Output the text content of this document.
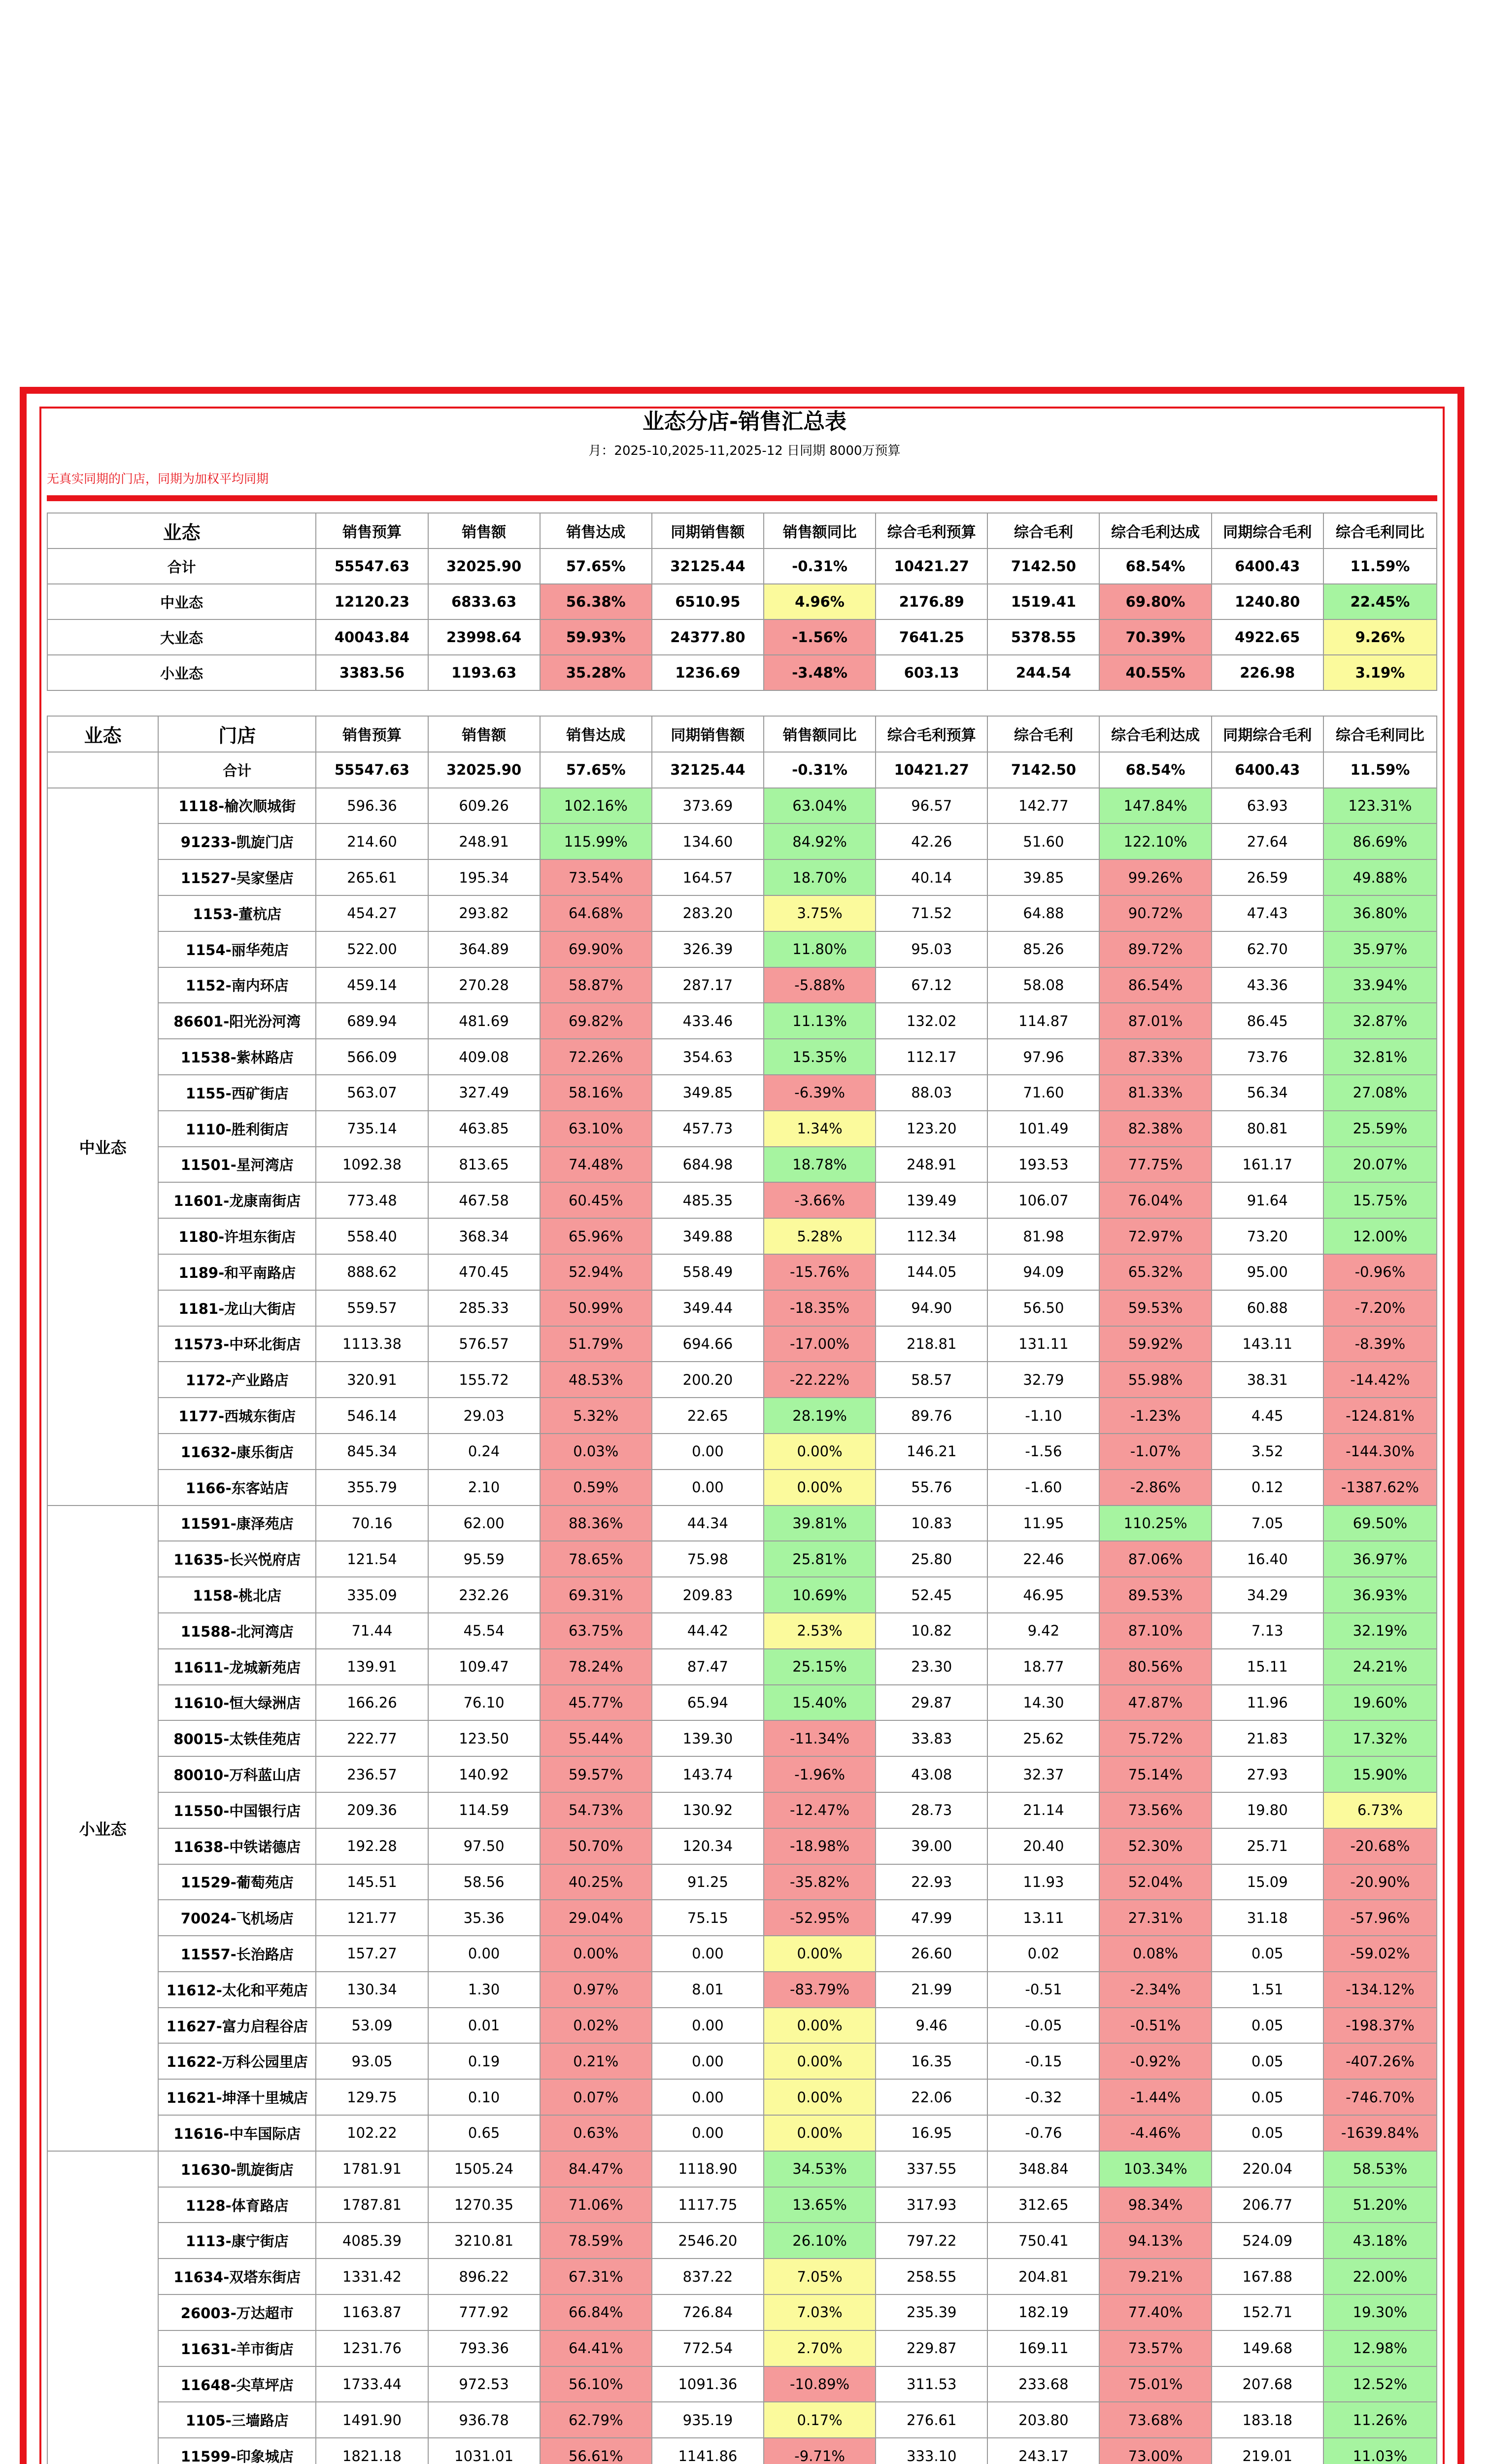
业态分店-销售汇总表
月：2025-10,2025-11,2025-12 日同期 8000万预算
无真实同期的门店，同期为加权平均同期
业态	销售预算	销售额	销售达成	同期销售额	销售额同比	综合毛利预算	综合毛利	综合毛利达成	同期综合毛利	综合毛利同比
合计	55547.63	32025.90	57.65%	32125.44	-0.31%	10421.27	7142.50	68.54%	6400.43	11.59%
中业态	12120.23	6833.63	56.38%	6510.95	4.96%	2176.89	1519.41	69.80%	1240.80	22.45%
大业态	40043.84	23998.64	59.93%	24377.80	-1.56%	7641.25	5378.55	70.39%	4922.65	9.26%
小业态	3383.56	1193.63	35.28%	1236.69	-3.48%	603.13	244.54	40.55%	226.98	3.19%
业态	门店	销售预算	销售额	销售达成	同期销售额	销售额同比	综合毛利预算	综合毛利	综合毛利达成	同期综合毛利	综合毛利同比
	合计	55547.63	32025.90	57.65%	32125.44	-0.31%	10421.27	7142.50	68.54%	6400.43	11.59%
中业态	1118-榆次顺城街	596.36	609.26	102.16%	373.69	63.04%	96.57	142.77	147.84%	63.93	123.31%
	91233-凯旋门店	214.60	248.91	115.99%	134.60	84.92%	42.26	51.60	122.10%	27.64	86.69%
	11527-吴家堡店	265.61	195.34	73.54%	164.57	18.70%	40.14	39.85	99.26%	26.59	49.88%
	1153-董杭店	454.27	293.82	64.68%	283.20	3.75%	71.52	64.88	90.72%	47.43	36.80%
	1154-丽华苑店	522.00	364.89	69.90%	326.39	11.80%	95.03	85.26	89.72%	62.70	35.97%
	1152-南内环店	459.14	270.28	58.87%	287.17	-5.88%	67.12	58.08	86.54%	43.36	33.94%
	86601-阳光汾河湾	689.94	481.69	69.82%	433.46	11.13%	132.02	114.87	87.01%	86.45	32.87%
	11538-紫林路店	566.09	409.08	72.26%	354.63	15.35%	112.17	97.96	87.33%	73.76	32.81%
	1155-西矿街店	563.07	327.49	58.16%	349.85	-6.39%	88.03	71.60	81.33%	56.34	27.08%
	1110-胜利街店	735.14	463.85	63.10%	457.73	1.34%	123.20	101.49	82.38%	80.81	25.59%
	11501-星河湾店	1092.38	813.65	74.48%	684.98	18.78%	248.91	193.53	77.75%	161.17	20.07%
	11601-龙康南街店	773.48	467.58	60.45%	485.35	-3.66%	139.49	106.07	76.04%	91.64	15.75%
	1180-许坦东街店	558.40	368.34	65.96%	349.88	5.28%	112.34	81.98	72.97%	73.20	12.00%
	1189-和平南路店	888.62	470.45	52.94%	558.49	-15.76%	144.05	94.09	65.32%	95.00	-0.96%
	1181-龙山大街店	559.57	285.33	50.99%	349.44	-18.35%	94.90	56.50	59.53%	60.88	-7.20%
	11573-中环北街店	1113.38	576.57	51.79%	694.66	-17.00%	218.81	131.11	59.92%	143.11	-8.39%
	1172-产业路店	320.91	155.72	48.53%	200.20	-22.22%	58.57	32.79	55.98%	38.31	-14.42%
	1177-西城东街店	546.14	29.03	5.32%	22.65	28.19%	89.76	-1.10	-1.23%	4.45	-124.81%
	11632-康乐街店	845.34	0.24	0.03%	0.00	0.00%	146.21	-1.56	-1.07%	3.52	-144.30%
	1166-东客站店	355.79	2.10	0.59%	0.00	0.00%	55.76	-1.60	-2.86%	0.12	-1387.62%
小业态	11591-康泽苑店	70.16	62.00	88.36%	44.34	39.81%	10.83	11.95	110.25%	7.05	69.50%
	11635-长兴悦府店	121.54	95.59	78.65%	75.98	25.81%	25.80	22.46	87.06%	16.40	36.97%
	1158-桃北店	335.09	232.26	69.31%	209.83	10.69%	52.45	46.95	89.53%	34.29	36.93%
	11588-北河湾店	71.44	45.54	63.75%	44.42	2.53%	10.82	9.42	87.10%	7.13	32.19%
	11611-龙城新苑店	139.91	109.47	78.24%	87.47	25.15%	23.30	18.77	80.56%	15.11	24.21%
	11610-恒大绿洲店	166.26	76.10	45.77%	65.94	15.40%	29.87	14.30	47.87%	11.96	19.60%
	80015-太铁佳苑店	222.77	123.50	55.44%	139.30	-11.34%	33.83	25.62	75.72%	21.83	17.32%
	80010-万科蓝山店	236.57	140.92	59.57%	143.74	-1.96%	43.08	32.37	75.14%	27.93	15.90%
	11550-中国银行店	209.36	114.59	54.73%	130.92	-12.47%	28.73	21.14	73.56%	19.80	6.73%
	11638-中铁诺德店	192.28	97.50	50.70%	120.34	-18.98%	39.00	20.40	52.30%	25.71	-20.68%
	11529-葡萄苑店	145.51	58.56	40.25%	91.25	-35.82%	22.93	11.93	52.04%	15.09	-20.90%
	70024-飞机场店	121.77	35.36	29.04%	75.15	-52.95%	47.99	13.11	27.31%	31.18	-57.96%
	11557-长治路店	157.27	0.00	0.00%	0.00	0.00%	26.60	0.02	0.08%	0.05	-59.02%
	11612-太化和平苑店	130.34	1.30	0.97%	8.01	-83.79%	21.99	-0.51	-2.34%	1.51	-134.12%
	11627-富力启程谷店	53.09	0.01	0.02%	0.00	0.00%	9.46	-0.05	-0.51%	0.05	-198.37%
	11622-万科公园里店	93.05	0.19	0.21%	0.00	0.00%	16.35	-0.15	-0.92%	0.05	-407.26%
	11621-坤泽十里城店	129.75	0.10	0.07%	0.00	0.00%	22.06	-0.32	-1.44%	0.05	-746.70%
	11616-中车国际店	102.22	0.65	0.63%	0.00	0.00%	16.95	-0.76	-4.46%	0.05	-1639.84%
	11630-凯旋街店	1781.91	1505.24	84.47%	1118.90	34.53%	337.55	348.84	103.34%	220.04	58.53%
	1128-体育路店	1787.81	1270.35	71.06%	1117.75	13.65%	317.93	312.65	98.34%	206.77	51.20%
	1113-康宁街店	4085.39	3210.81	78.59%	2546.20	26.10%	797.22	750.41	94.13%	524.09	43.18%
	11634-双塔东街店	1331.42	896.22	67.31%	837.22	7.05%	258.55	204.81	79.21%	167.88	22.00%
	26003-万达超市	1163.87	777.92	66.84%	726.84	7.03%	235.39	182.19	77.40%	152.71	19.30%
	11631-羊市街店	1231.76	793.36	64.41%	772.54	2.70%	229.87	169.11	73.57%	149.68	12.98%
	11648-尖草坪店	1733.44	972.53	56.10%	1091.36	-10.89%	311.53	233.68	75.01%	207.68	12.52%
	1105-三墙路店	1491.90	936.78	62.79%	935.19	0.17%	276.61	203.80	73.68%	183.18	11.26%
	11599-印象城店	1821.18	1031.01	56.61%	1141.86	-9.71%	333.10	243.17	73.00%	219.01	11.03%
